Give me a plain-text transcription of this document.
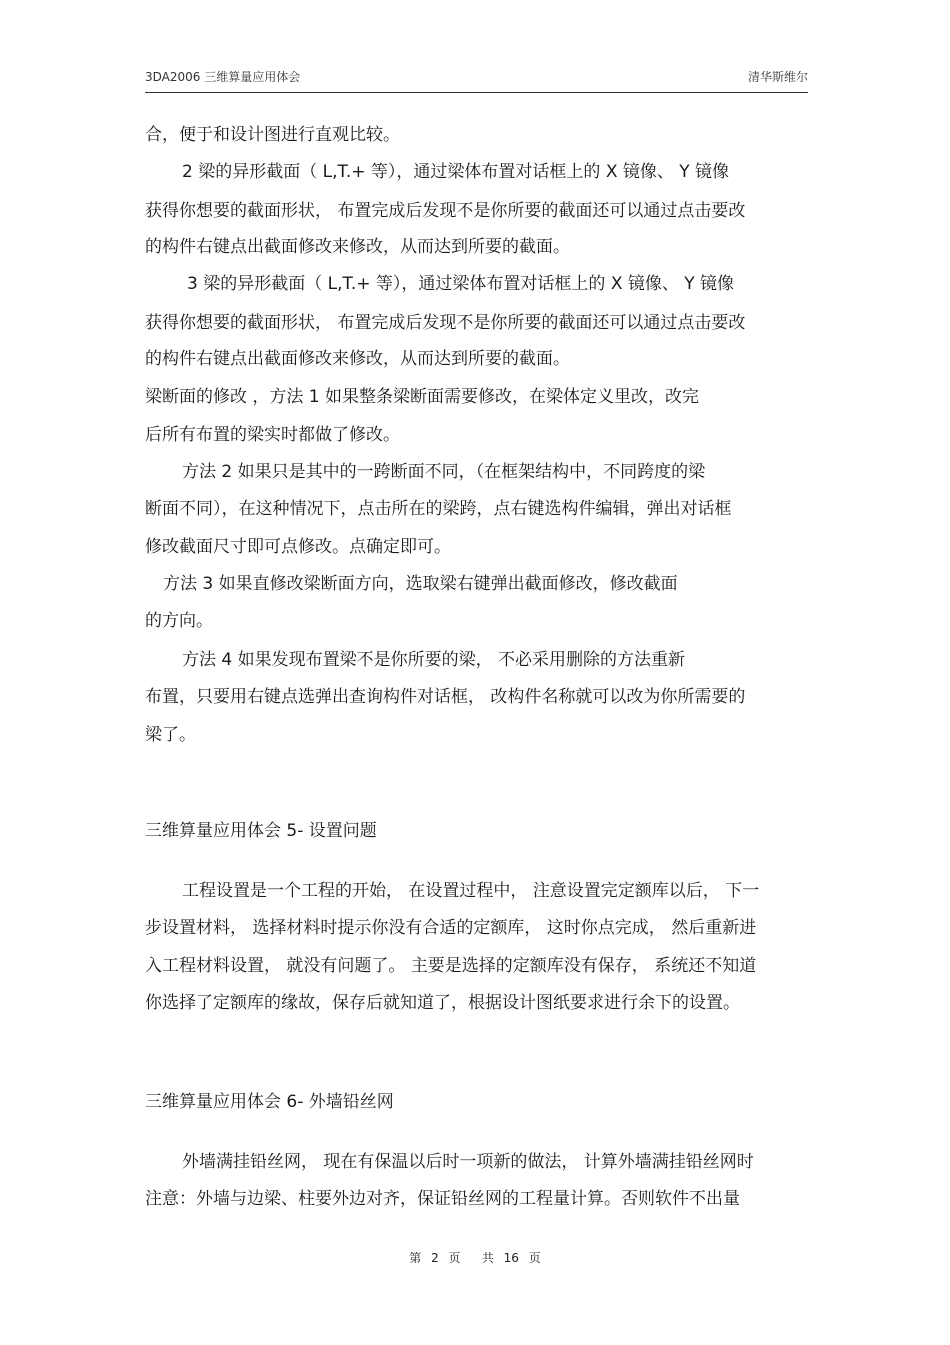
3DA2006 三维算量应用体会	清华斯维尔
合，便于和设计图进行直观比较。
2 梁的异形截面（ L,T.+ 等），通过梁体布置对话框上的 X 镜像、 Y 镜像
获得你想要的截面形状， 布置完成后发现不是你所要的截面还可以通过点击要改
的构件右键点出截面修改来修改，从而达到所要的截面。
3 梁的异形截面（ L,T.+ 等），通过梁体布置对话框上的 X 镜像、 Y 镜像
获得你想要的截面形状， 布置完成后发现不是你所要的截面还可以通过点击要改
的构件右键点出截面修改来修改，从而达到所要的截面。
梁断面的修改 ，方法 1 如果整条梁断面需要修改，在梁体定义里改，改完
后所有布置的梁实时都做了修改。
方法 2 如果只是其中的一跨断面不同，（在框架结构中，不同跨度的梁
断面不同），在这种情况下，点击所在的梁跨，点右键选构件编辑，弹出对话框
修改截面尺寸即可点修改。点确定即可。
方法 3 如果直修改梁断面方向，选取梁右键弹出截面修改，修改截面
的方向。
方法 4 如果发现布置梁不是你所要的梁， 不必采用删除的方法重新
布置，只要用右键点选弹出查询构件对话框， 改构件名称就可以改为你所需要的
梁了。
三维算量应用体会 5- 设置问题
工程设置是一个工程的开始， 在设置过程中， 注意设置完定额库以后， 下一
步设置材料， 选择材料时提示你没有合适的定额库， 这时你点完成， 然后重新进
入工程材料设置， 就没有问题了。 主要是选择的定额库没有保存， 系统还不知道
你选择了定额库的缘故，保存后就知道了，根据设计图纸要求进行余下的设置。
三维算量应用体会 6- 外墙铅丝网
外墙满挂铅丝网， 现在有保温以后时一项新的做法， 计算外墙满挂铅丝网时
注意：外墙与边梁、柱要外边对齐，保证铅丝网的工程量计算。否则软件不出量
第 2 页 共 16 页
